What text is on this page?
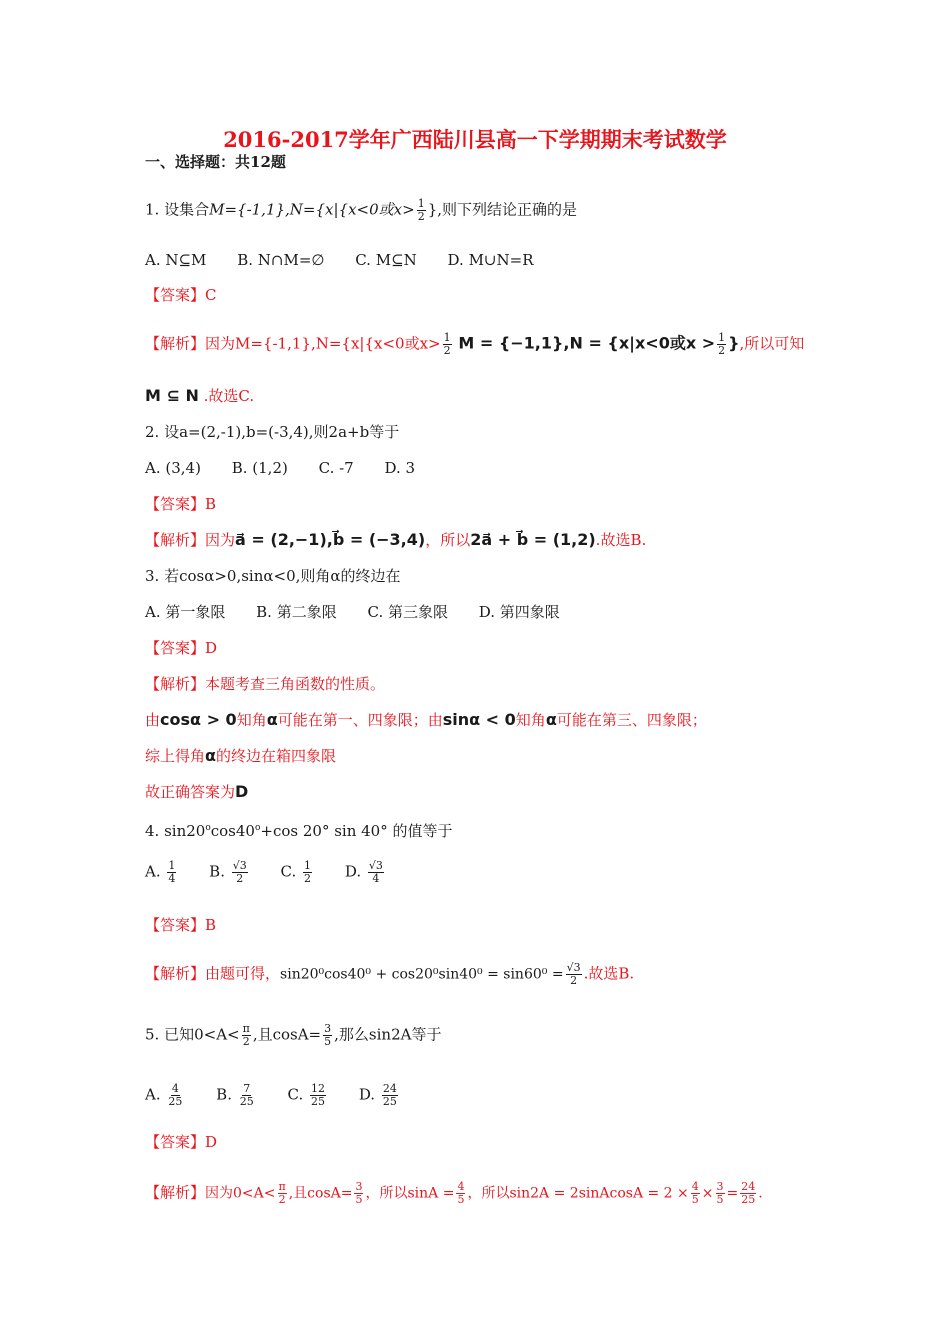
2016-2017学年广西陆川县高一下学期期末考试数学
一、选择题：共12题
1. 设集合M={-1,1},N={x|{x<0或$x> \frac{1}{2}$ },则下列结论正确的是
A. N⊆M B. N∩M=∅ C. M⊆N D. M∪N=R
【答案】C
【解析】因为M={-1,1},N={x|{x<0或$x> \frac{1}{2}$ M = {−1,1},N = {x|x<0或$x > \frac{1}{2}$ },所以可知
M ⊆ N .故选C.
2. 设a=(2,-1),b=(-3,4),则2a+b等于
A. (3,4) B. (1,2) C. -7 D. 3
【答案】B
【解析】因为a⃗ = (2,−1),b⃗ = (−3,4)，所以2a⃗ + b⃗ = (1,2).故选B.
3. 若cosα>0,sinα<0,则角α的终边在
A. 第一象限 B. 第二象限 C. 第三象限 D. 第四象限
【答案】D
【解析】本题考查三角函数的性质。
由cosα > 0知角α可能在第一、四象限；由sinα < 0知角α可能在第三、四象限；
综上得角α的终边在箱四象限
故正确答案为D
4. $\sin 20^o\cos 40^o+\cos$ 20° sin 40° 的值等于
A. $\frac{1}{4} B$. $\frac{√3}{2} C$. $\frac{1}{2} D$. $\frac{√3}{4}$
【答案】B
【解析】由题可得，$\sin 20^0\cos 40^0 + \cos 20^0\sin 40^0 = \sin 60^0 = \frac{√3}{2}$ .故选B.
5. 已知$0<A< \frac{\pi}{2}$ ,且$\cos A= \frac{3}{5}$ ,那么sin2A等于
A. $\frac{4}{25} B$. $\frac{7}{25} C$. $\frac{12}{25} D$. $\frac{24}{25}$
【答案】D
【解析】因为$0<A< \frac{\pi}{2}$ ,且$\cos A= \frac{3}{5}$ ，所以$\sin A = \frac{4}{5}$ ，所以sin2A = 2sinAcosA = $2 \times \frac{4}{5} \times \frac{3}{5} = \frac{24}{25}$ .
